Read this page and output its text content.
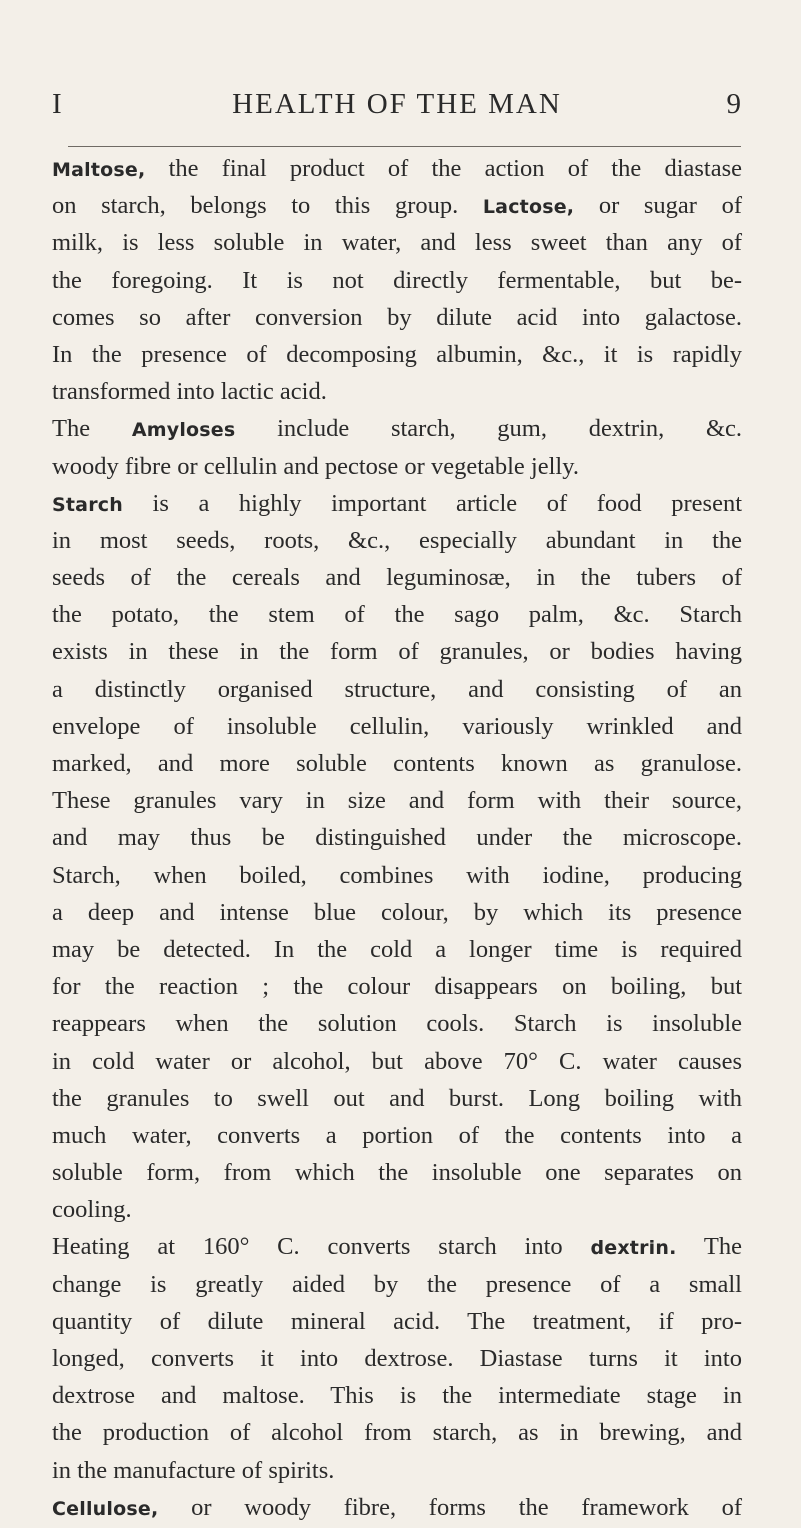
I	HEALTH OF THE MAN	9
Maltose, the final product of the action of the diastase
on starch, belongs to this group. Lactose, or sugar of
milk, is less soluble in water, and less sweet than any of
the foregoing. It is not directly fermentable, but be-
comes so after conversion by dilute acid into galactose.
In the presence of decomposing albumin, &c., it is rapidly
transformed into lactic acid.
The Amyloses include starch, gum, dextrin, &c.
woody fibre or cellulin and pectose or vegetable jelly.
Starch is a highly important article of food present
in most seeds, roots, &c., especially abundant in the
seeds of the cereals and leguminosæ, in the tubers of
the potato, the stem of the sago palm, &c. Starch
exists in these in the form of granules, or bodies having
a distinctly organised structure, and consisting of an
envelope of insoluble cellulin, variously wrinkled and
marked, and more soluble contents known as granulose.
These granules vary in size and form with their source,
and may thus be distinguished under the microscope.
Starch, when boiled, combines with iodine, producing
a deep and intense blue colour, by which its presence
may be detected. In the cold a longer time is required
for the reaction ; the colour disappears on boiling, but
reappears when the solution cools. Starch is insoluble
in cold water or alcohol, but above 70° C. water causes
the granules to swell out and burst. Long boiling with
much water, converts a portion of the contents into a
soluble form, from which the insoluble one separates on
cooling.
Heating at 160° C. converts starch into dextrin. The
change is greatly aided by the presence of a small
quantity of dilute mineral acid. The treatment, if pro-
longed, converts it into dextrose. Diastase turns it into
dextrose and maltose. This is the intermediate stage in
the production of alcohol from starch, as in brewing, and
in the manufacture of spirits.
Cellulose, or woody fibre, forms the framework of
